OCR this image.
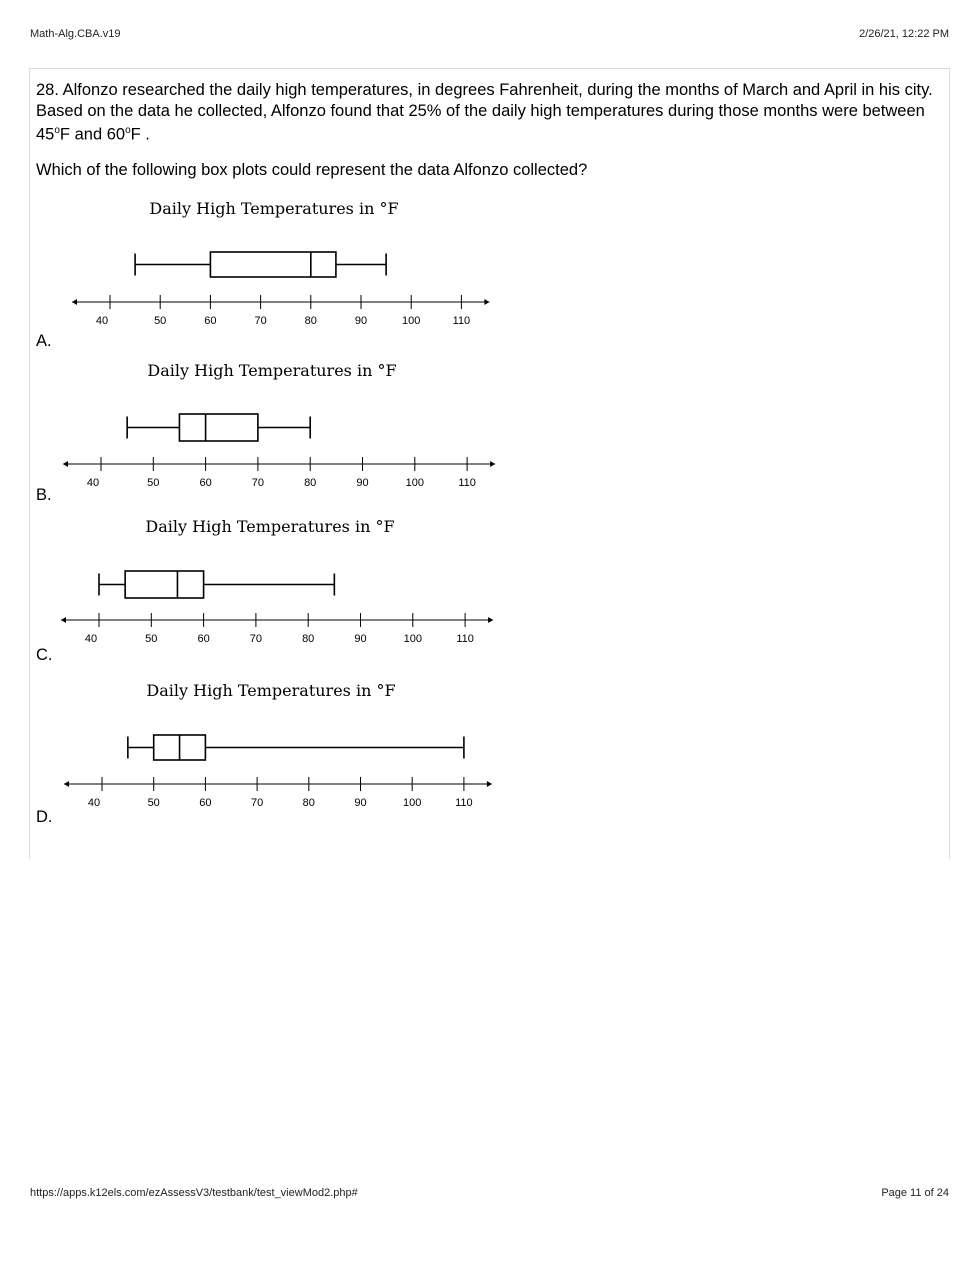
Math-Alg.CBA.v19	2/26/21, 12:22 PM
28. Alfonzo researched the daily high temperatures, in degrees Fahrenheit, during the months of March and April in his city. Based on the data he collected, Alfonzo found that 25% of the daily high temperatures during those months were between 45$^o$F and 60$^o$F .
Which of the following box plots could represent the data Alfonzo collected?
Daily High Temperatures in °F
40	50	60	70	80	90	100	110
A.
Daily High Temperatures in °F
40	50	60	70	80	90	100	110
B.
Daily High Temperatures in °F
40	50	60	70	80	90	100	110
C.
Daily High Temperatures in °F
40	50	60	70	80	90	100	110
D.
https://apps.k12els.com/ezAssessV3/testbank/test_viewMod2.php#	Page 11 of 24
